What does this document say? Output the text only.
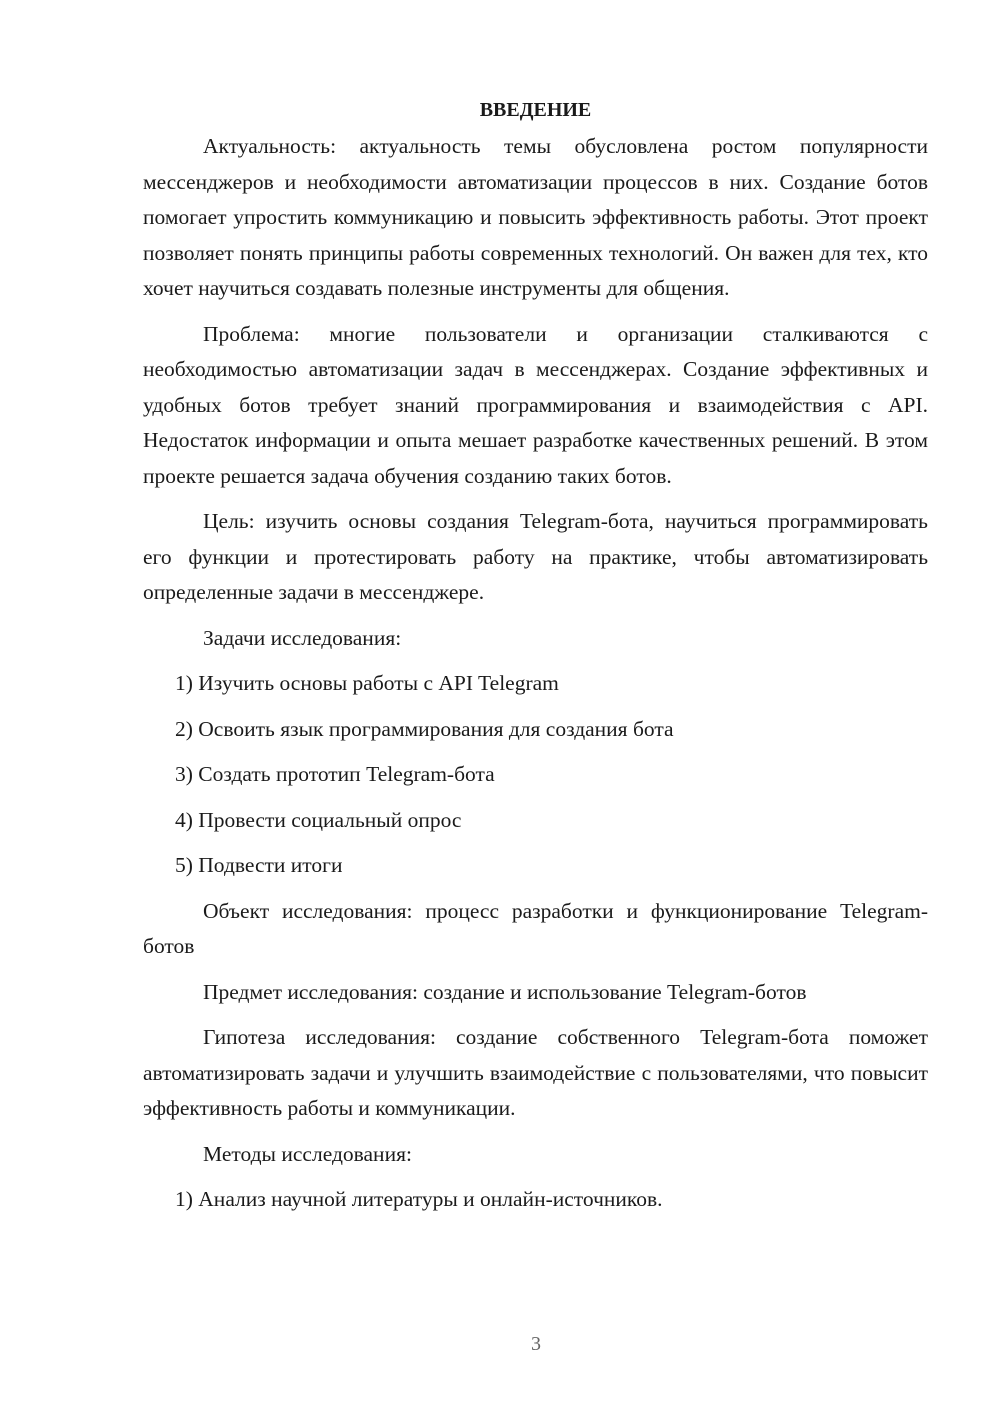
ВВЕДЕНИЕ

Актуальность: актуальность темы обусловлена ростом популярности мессенджеров и необходимости автоматизации процессов в них. Создание ботов помогает упростить коммуникацию и повысить эффективность работы. Этот проект позволяет понять принципы работы современных технологий. Он важен для тех, кто хочет научиться создавать полезные инструменты для общения.

Проблема: многие пользователи и организации сталкиваются с необходимостью автоматизации задач в мессенджерах. Создание эффективных и удобных ботов требует знаний программирования и взаимодействия с API. Недостаток информации и опыта мешает разработке качественных решений. В этом проекте решается задача обучения созданию таких ботов.

Цель: изучить основы создания Telegram-бота, научиться программировать его функции и протестировать работу на практике, чтобы автоматизировать определенные задачи в мессенджере.

Задачи исследования:

1) Изучить основы работы с API Telegram
2) Освоить язык программирования для создания бота
3) Создать прототип Telegram-бота
4) Провести социальный опрос
5) Подвести итоги

Объект исследования: процесс разработки и функционирование Telegram-ботов

Предмет исследования: создание и использование Telegram-ботов

Гипотеза исследования: создание собственного Telegram-бота поможет автоматизировать задачи и улучшить взаимодействие с пользователями, что повысит эффективность работы и коммуникации.

Методы исследования:

1) Анализ научной литературы и онлайн-источников.
3
